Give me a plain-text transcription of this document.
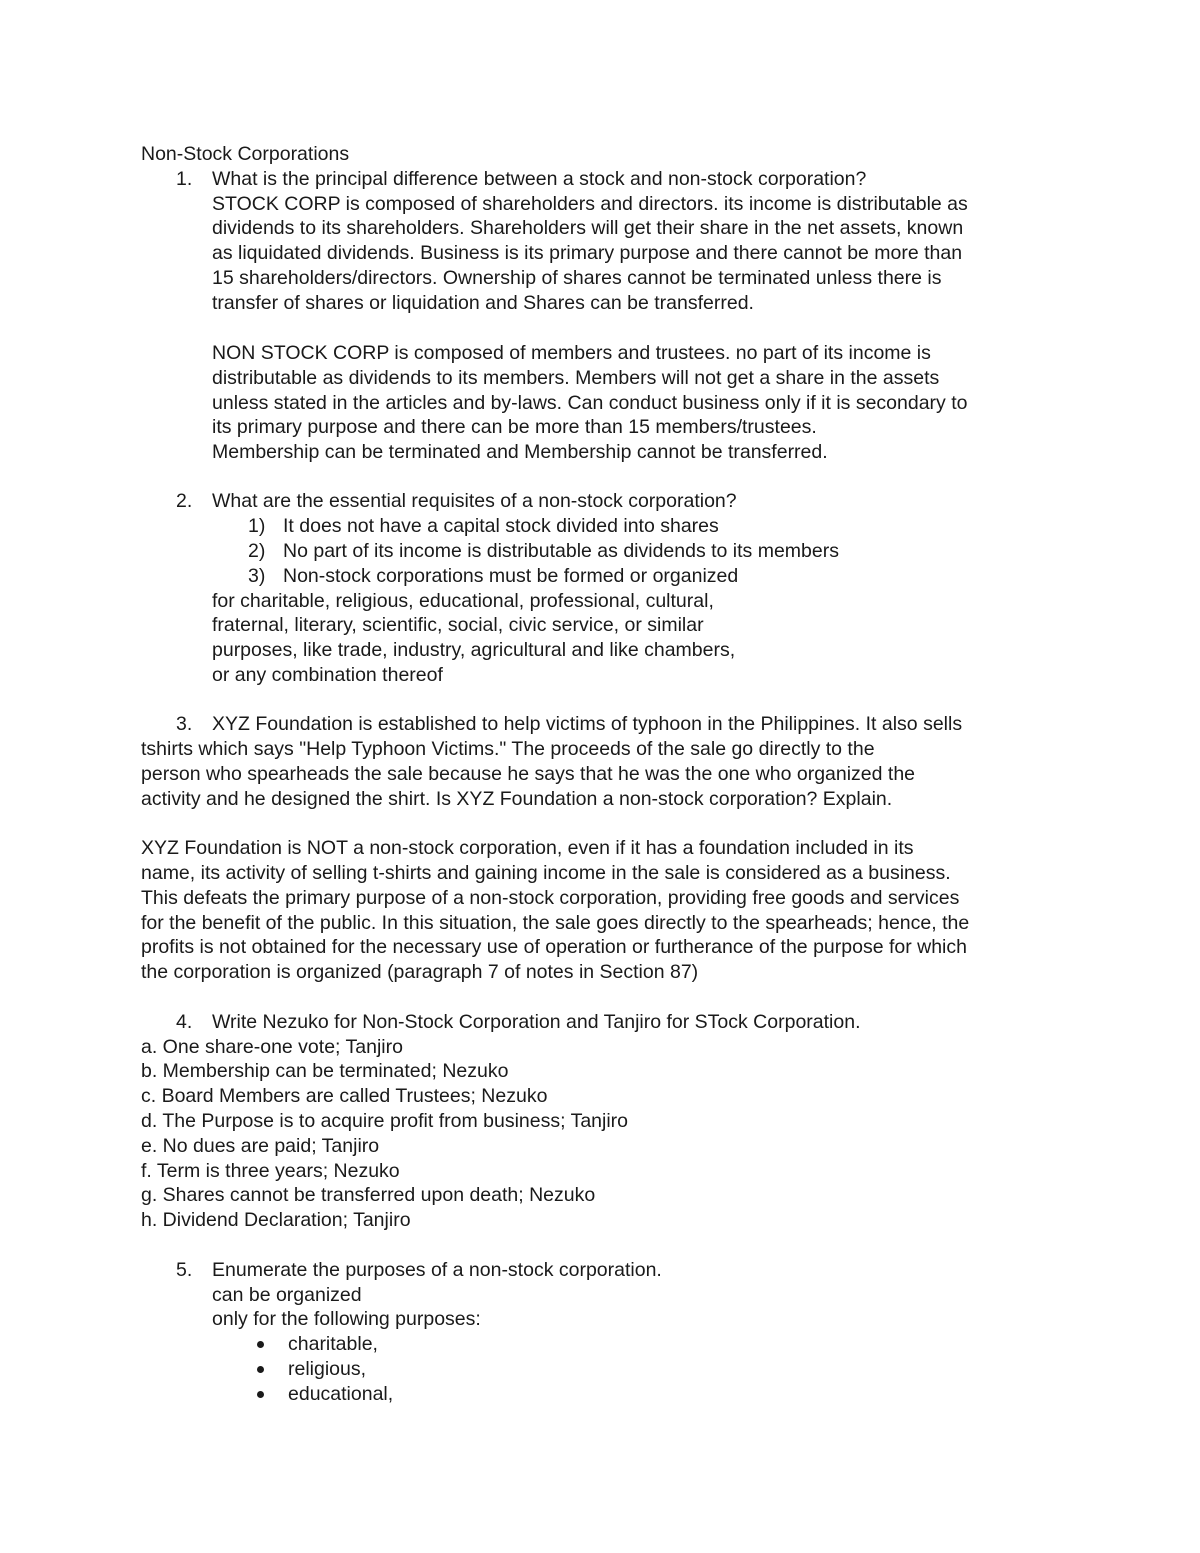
Non-Stock Corporations

1. What is the principal difference between a stock and non-stock corporation?

STOCK CORP is composed of shareholders and directors. its income is distributable as

dividends to its shareholders. Shareholders will get their share in the net assets, known

as liquidated dividends. Business is its primary purpose and there cannot be more than

15 shareholders/directors. Ownership of shares cannot be terminated unless there is

transfer of shares or liquidation and Shares can be transferred.

NON STOCK CORP is composed of members and trustees. no part of its income is

distributable as dividends to its members. Members will not get a share in the assets

unless stated in the articles and by-laws. Can conduct business only if it is secondary to

its primary purpose and there can be more than 15 members/trustees.

Membership can be terminated and Membership cannot be transferred.

2. What are the essential requisites of a non-stock corporation?

1) It does not have a capital stock divided into shares

2) No part of its income is distributable as dividends to its members

3) Non-stock corporations must be formed or organized

for charitable, religious, educational, professional, cultural,

fraternal, literary, scientific, social, civic service, or similar

purposes, like trade, industry, agricultural and like chambers,

or any combination thereof

3. XYZ Foundation is established to help victims of typhoon in the Philippines. It also sells

tshirts which says "Help Typhoon Victims." The proceeds of the sale go directly to the

person who spearheads the sale because he says that he was the one who organized the

activity and he designed the shirt. Is XYZ Foundation a non-stock corporation? Explain.

XYZ Foundation is NOT a non-stock corporation, even if it has a foundation included in its

name, its activity of selling t-shirts and gaining income in the sale is considered as a business.

This defeats the primary purpose of a non-stock corporation, providing free goods and services

for the benefit of the public. In this situation, the sale goes directly to the spearheads; hence, the

profits is not obtained for the necessary use of operation or furtherance of the purpose for which

the corporation is organized (paragraph 7 of notes in Section 87)

4. Write Nezuko for Non-Stock Corporation and Tanjiro for STock Corporation.

a. One share-one vote; Tanjiro

b. Membership can be terminated; Nezuko

c. Board Members are called Trustees; Nezuko

d. The Purpose is to acquire profit from business; Tanjiro

e. No dues are paid; Tanjiro

f. Term is three years; Nezuko

g. Shares cannot be transferred upon death; Nezuko

h. Dividend Declaration; Tanjiro

5. Enumerate the purposes of a non-stock corporation.

can be organized

only for the following purposes:

charitable,

religious,

educational,
